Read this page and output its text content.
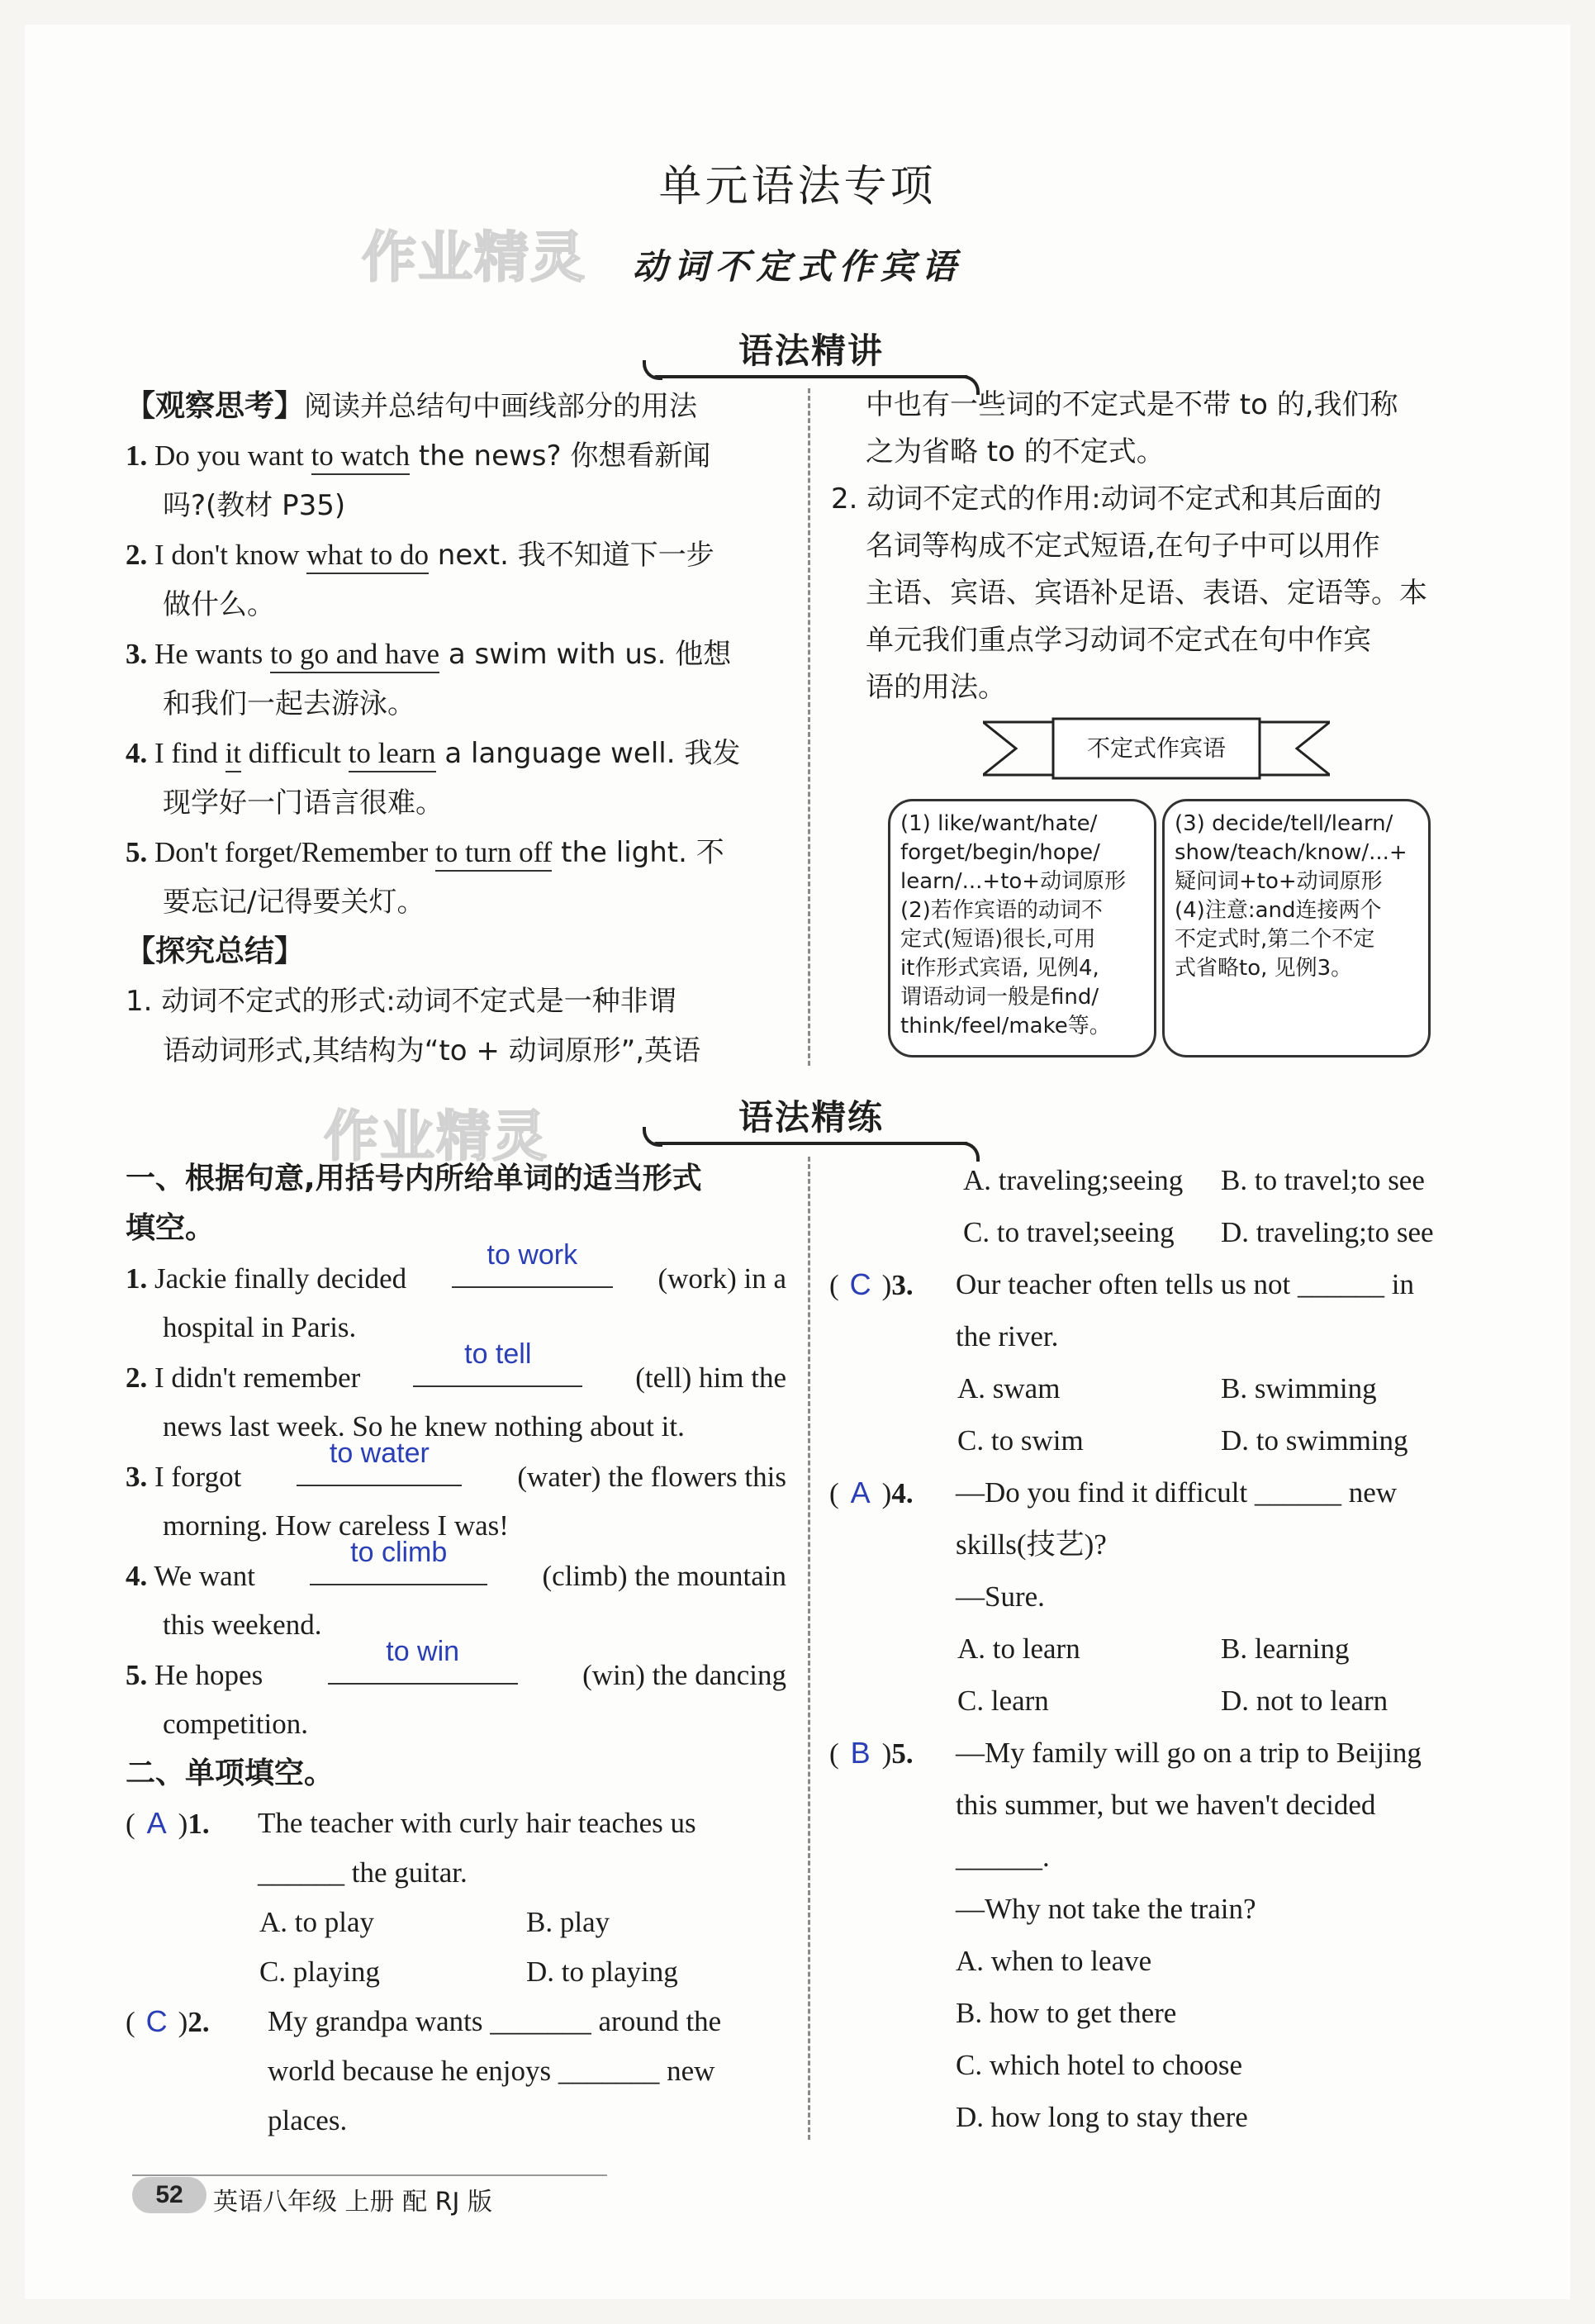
单元语法专项
作业精灵	动词不定式作宾语
语法精讲
【观察思考】阅读并总结句中画线部分的用法
1. Do you want to watch the news? 你想看新闻
吗?(教材 P35)
2. I don't know what to do next. 我不知道下一步
做什么。
3. He wants to go and have a swim with us. 他想
和我们一起去游泳。
4. I find it difficult to learn a language well. 我发
现学好一门语言很难。
5. Don't forget/Remember to turn off the light. 不
要忘记/记得要关灯。
【探究总结】
1. 动词不定式的形式:动词不定式是一种非谓
语动词形式,其结构为“to + 动词原形”,英语
中也有一些词的不定式是不带 to 的,我们称
之为省略 to 的不定式。
2. 动词不定式的作用:动词不定式和其后面的
名词等构成不定式短语,在句子中可以用作
主语、宾语、宾语补足语、表语、定语等。本
单元我们重点学习动词不定式在句中作宾
语的用法。
不定式作宾语
(1) like/want/hate/
forget/begin/hope/
learn/...+to+动词原形
(2)若作宾语的动词不
定式(短语)很长,可用
it作形式宾语, 见例4,
谓语动词一般是find/
think/feel/make等。
(3) decide/tell/learn/
show/teach/know/...+
疑问词+to+动词原形
(4)注意:and连接两个
不定式时,第二个不定
式省略to, 见例3。
作业精灵	语法精练
一、根据句意,用括号内所给单词的适当形式
填空。
1. Jackie finally decided
to work
(work) in a
hospital in Paris.
2. I didn't remember
to tell
(tell) him the
news last week. So he knew nothing about it.
3. I forgot
to water
(water) the flowers this
morning. How careless I was!
4. We want
to climb
(climb) the mountain
this weekend.
5. He hopes
to win
(win) the dancing
competition.
二、单项填空。
( A )1. The teacher with curly hair teaches us
______ the guitar.
A. to play	B. play
C. playing	D. to playing
( C )2. My grandpa wants _______ around the
world because he enjoys _______ new
places.
A. traveling;seeing B. to travel;to see
C. to travel;seeing D. traveling;to see
( C )3. Our teacher often tells us not ______ in
the river.
A. swam	B. swimming
C. to swim	D. to swimming
( A )4. —Do you find it difficult ______ new
skills(技艺)?
—Sure.
A. to learn	B. learning
C. learn	D. not to learn
( B )5. —My family will go on a trip to Beijing
this summer, but we haven't decided
______.
—Why not take the train?
A. when to leave
B. how to get there
C. which hotel to choose
D. how long to stay there
52	英语八年级 上册 配 RJ 版
